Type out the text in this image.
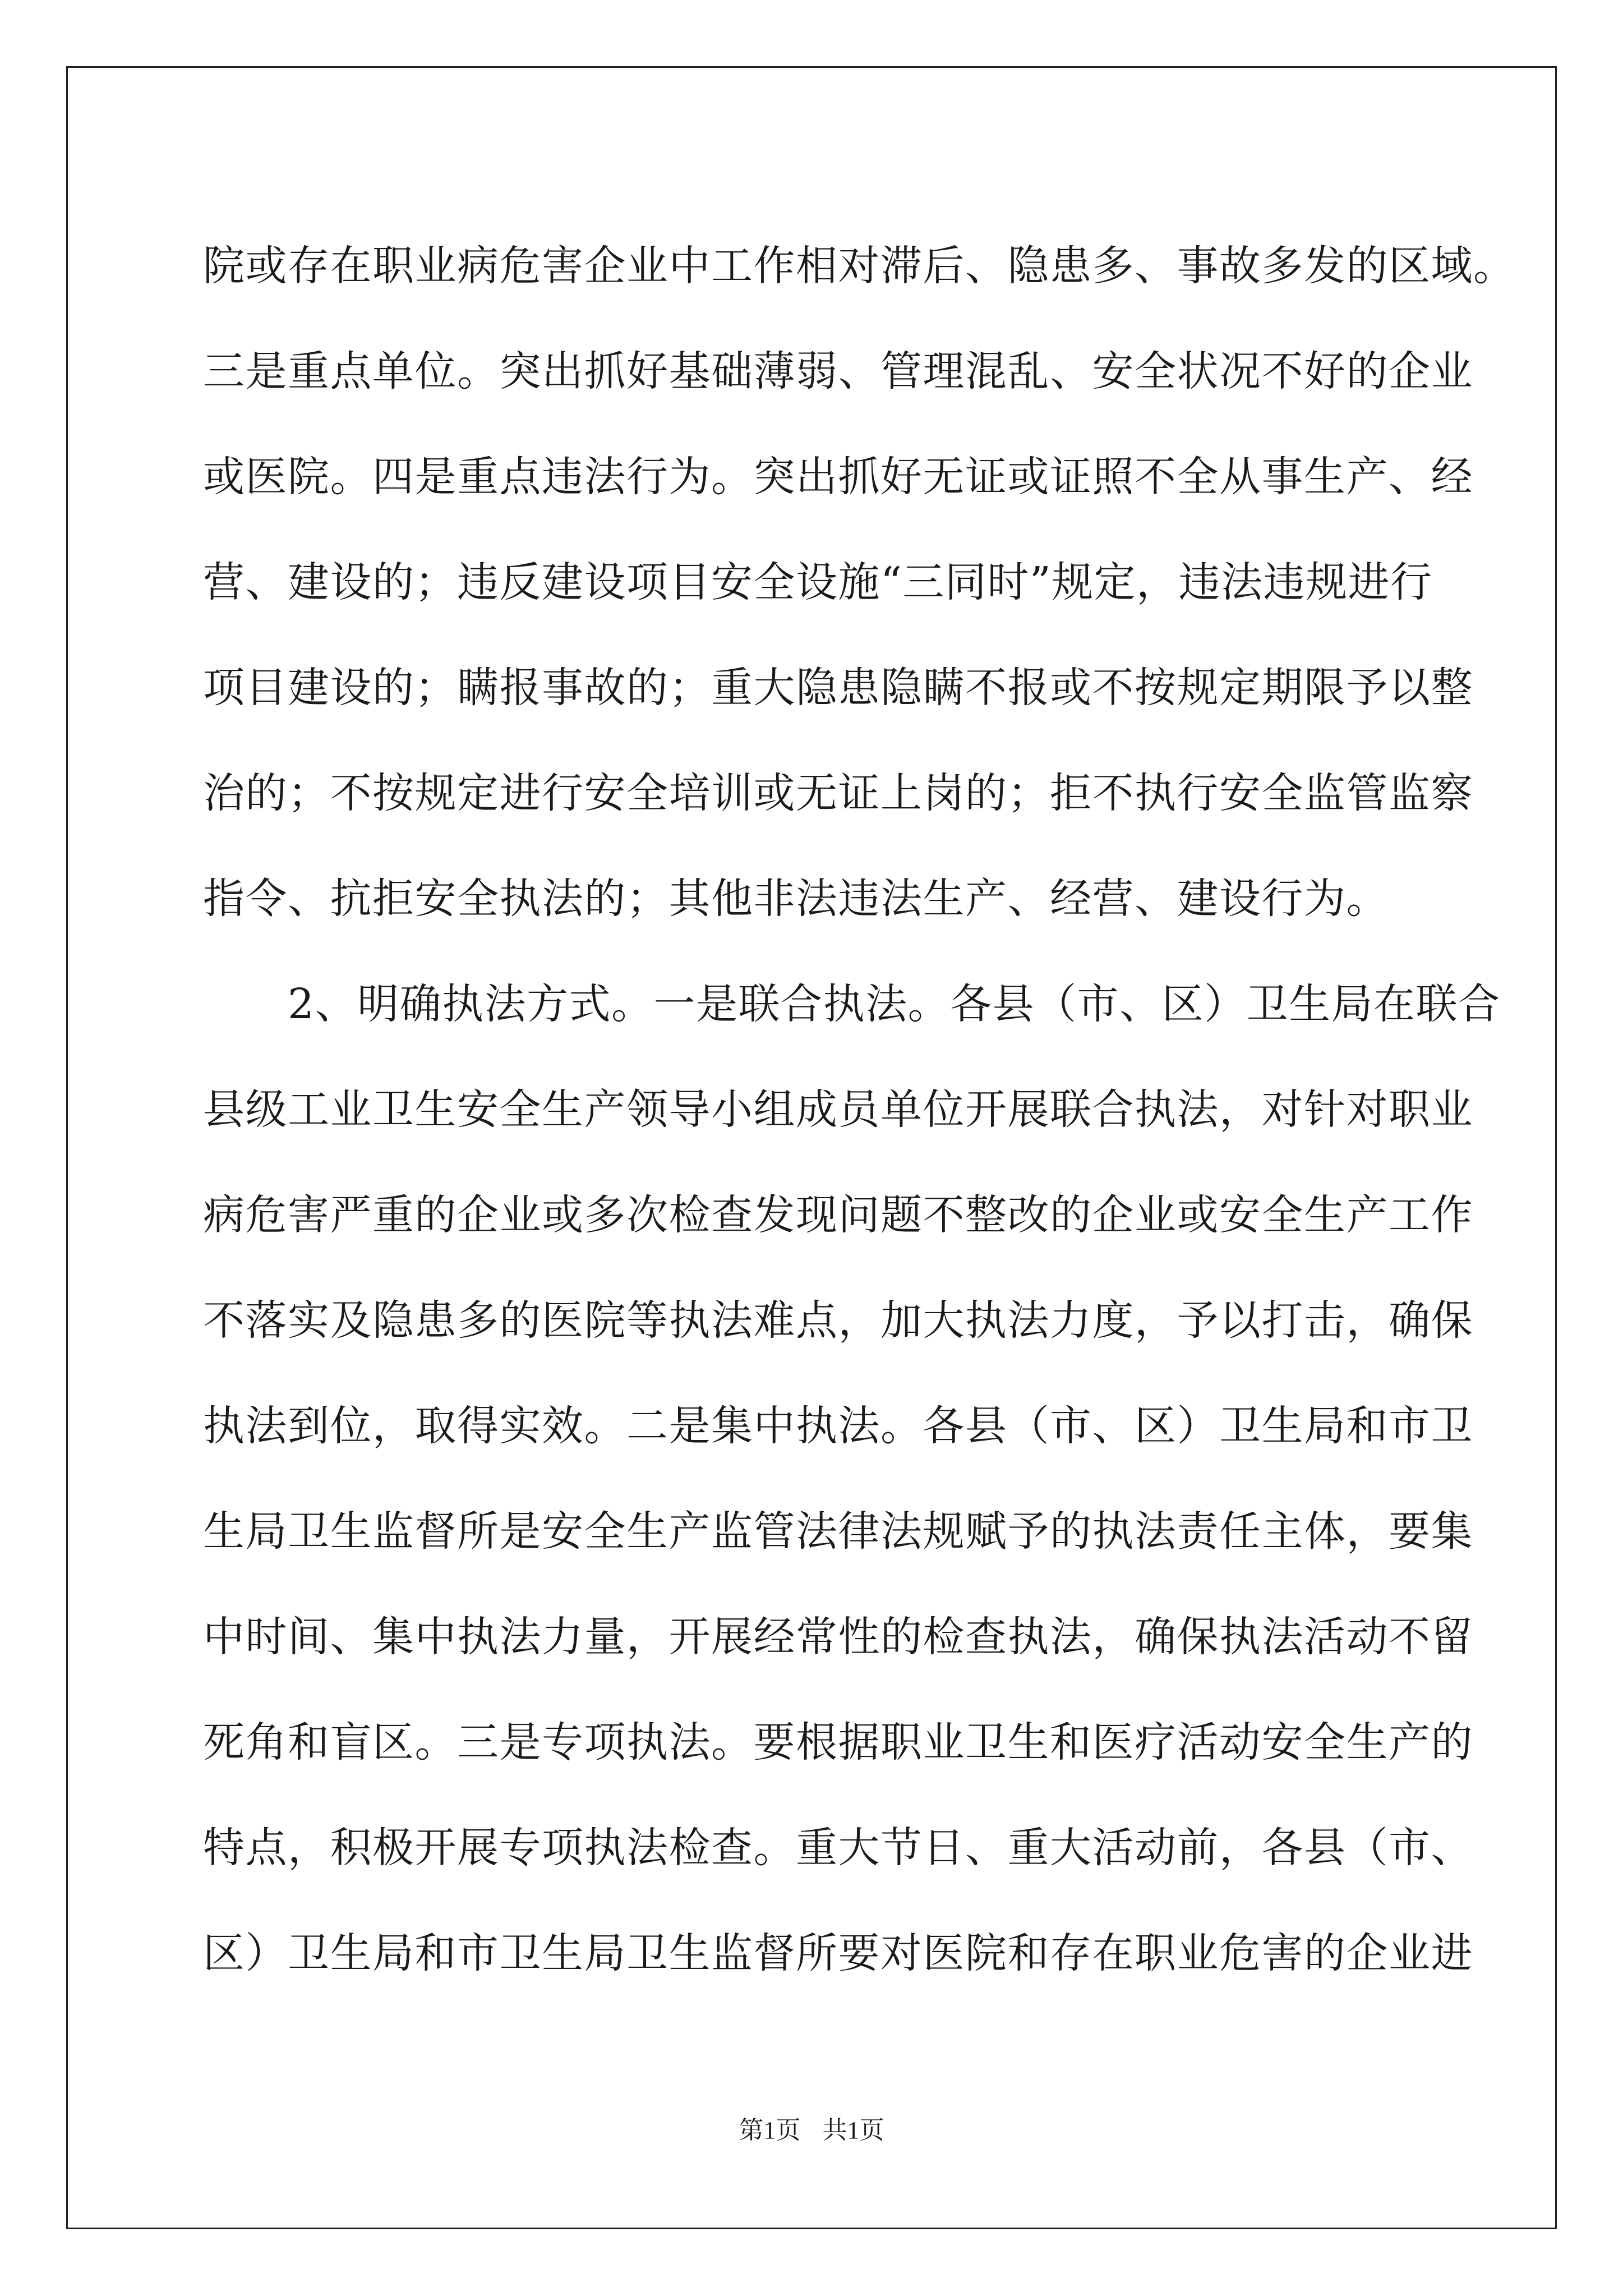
院或存在职业病危害企业中工作相对滞后、隐患多、事故多发的区域。
三是重点单位。突出抓好基础薄弱、管理混乱、安全状况不好的企业
或医院。四是重点违法行为。突出抓好无证或证照不全从事生产、经
营、建设的；违反建设项目安全设施“三同时”规定，违法违规进行
项目建设的；瞒报事故的；重大隐患隐瞒不报或不按规定期限予以整
治的；不按规定进行安全培训或无证上岗的；拒不执行安全监管监察
指令、抗拒安全执法的；其他非法违法生产、经营、建设行为。
　　2、明确执法方式。一是联合执法。各县（市、区）卫生局在联合
县级工业卫生安全生产领导小组成员单位开展联合执法，对针对职业
病危害严重的企业或多次检查发现问题不整改的企业或安全生产工作
不落实及隐患多的医院等执法难点，加大执法力度，予以打击，确保
执法到位，取得实效。二是集中执法。各县（市、区）卫生局和市卫
生局卫生监督所是安全生产监管法律法规赋予的执法责任主体，要集
中时间、集中执法力量，开展经常性的检查执法，确保执法活动不留
死角和盲区。三是专项执法。要根据职业卫生和医疗活动安全生产的
特点，积极开展专项执法检查。重大节日、重大活动前，各县（市、
区）卫生局和市卫生局卫生监督所要对医院和存在职业危害的企业进
第1页 共1页
